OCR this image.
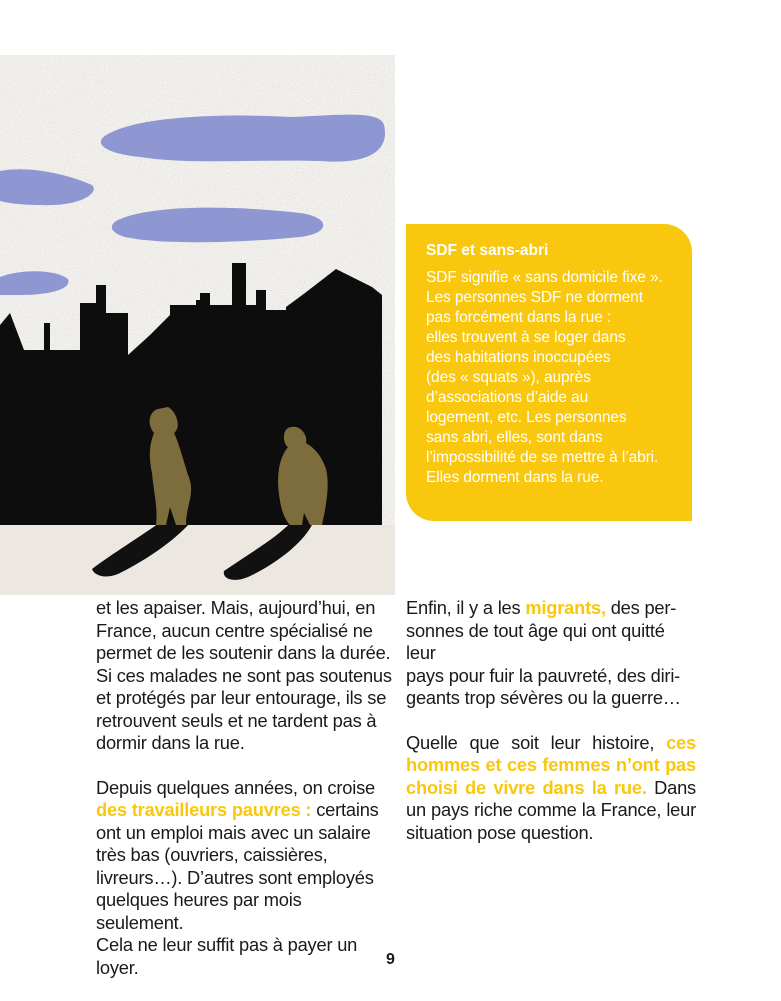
SDF et sans-abri

SDF signifie « sans domicile fixe ».
Les personnes SDF ne dorment
pas forcément dans la rue :
elles trouvent à se loger dans
des habitations inoccupées
(des « squats »), auprès
d’associations d’aide au
logement, etc. Les personnes
sans abri, elles, sont dans
l’impossibilité de se mettre à l’abri.
Elles dorment dans la rue.

et les apaiser. Mais, aujourd’hui, en
France, aucun centre spécialisé ne
permet de les soutenir dans la durée.
Si ces malades ne sont pas soutenus
et protégés par leur entourage, ils se
retrouvent seuls et ne tardent pas à
dormir dans la rue.

Depuis quelques années, on croise
des travailleurs pauvres : certains
ont un emploi mais avec un salaire
très bas (ouvriers, caissières,
livreurs…). D’autres sont employés
quelques heures par mois seulement.
Cela ne leur suffit pas à payer un loyer.

Enfin, il y a les migrants, des per-
sonnes de tout âge qui ont quitté leur
pays pour fuir la pauvreté, des diri-
geants trop sévères ou la guerre…

Quelle que soit leur histoire, ces hommes et ces femmes n’ont pas choisi de vivre dans la rue. Dans un pays riche comme la France, leur situation pose question.

9
